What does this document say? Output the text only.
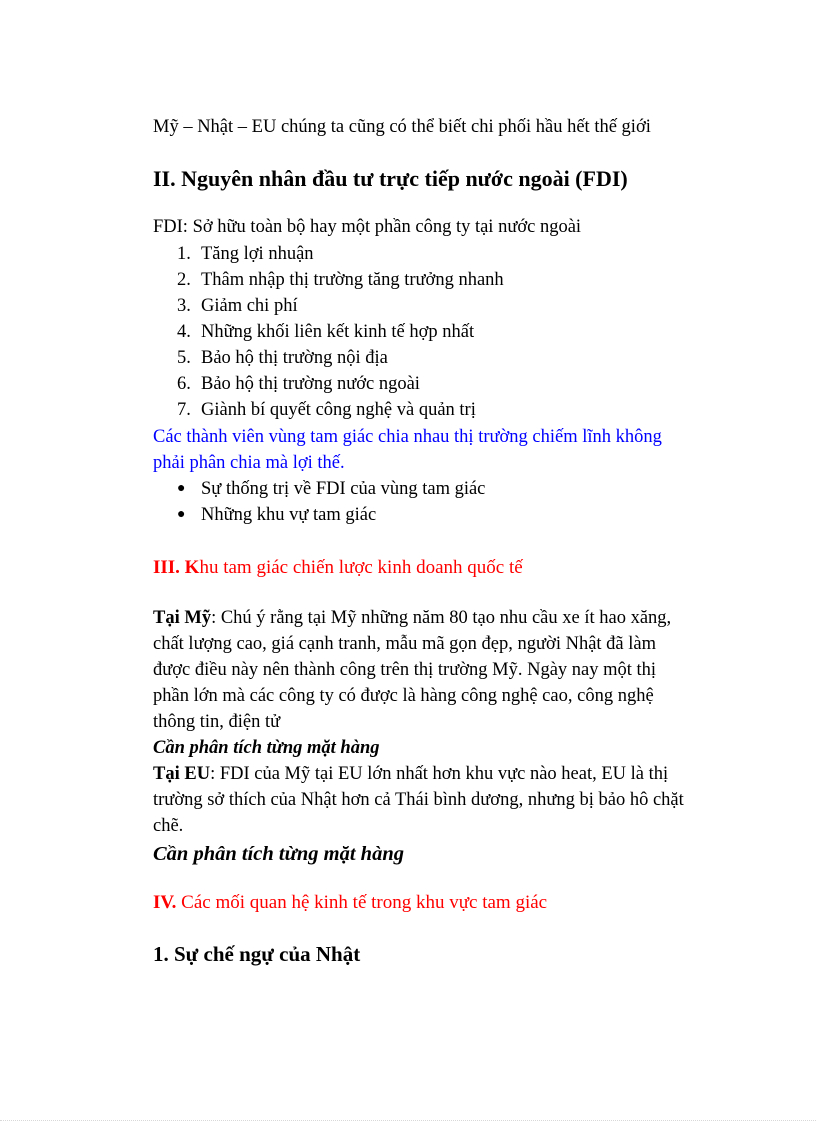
Mỹ – Nhật – EU chúng ta cũng có thể biết chi phối hầu hết thế giới
II. Nguyên nhân đầu tư trực tiếp nước ngoài (FDI)
FDI: Sở hữu toàn bộ hay một phần công ty tại nước ngoài
1. Tăng lợi nhuận
2. Thâm nhập thị trường tăng trưởng nhanh
3. Giảm chi phí
4. Những khối liên kết kinh tế hợp nhất
5. Bảo hộ thị trường nội địa
6. Bảo hộ thị trường nước ngoài
7. Giành bí quyết công nghệ và quản trị
Các thành viên vùng tam giác chia nhau thị trường chiếm lĩnh không
phải phân chia mà lợi thế.
● Sự thống trị về FDI của vùng tam giác
● Những khu vự tam giác
III. Khu tam giác chiến lược kinh doanh quốc tế
Tại Mỹ: Chú ý rằng tại Mỹ những năm 80 tạo nhu cầu xe ít hao xăng,
chất lượng cao, giá cạnh tranh, mẫu mã gọn đẹp, người Nhật đã làm
được điều này nên thành công trên thị trường Mỹ. Ngày nay một thị
phần lớn mà các công ty có được là hàng công nghệ cao, công nghệ
thông tin, điện tử
Cần phân tích từng mặt hàng
Tại EU: FDI của Mỹ tại EU lớn nhất hơn khu vực nào heat, EU là thị
trường sở thích của Nhật hơn cả Thái bình dương, nhưng bị bảo hô chặt
chẽ.
Cần phân tích từng mặt hàng
IV. Các mối quan hệ kinh tế trong khu vực tam giác
1. Sự chế ngự của Nhật
